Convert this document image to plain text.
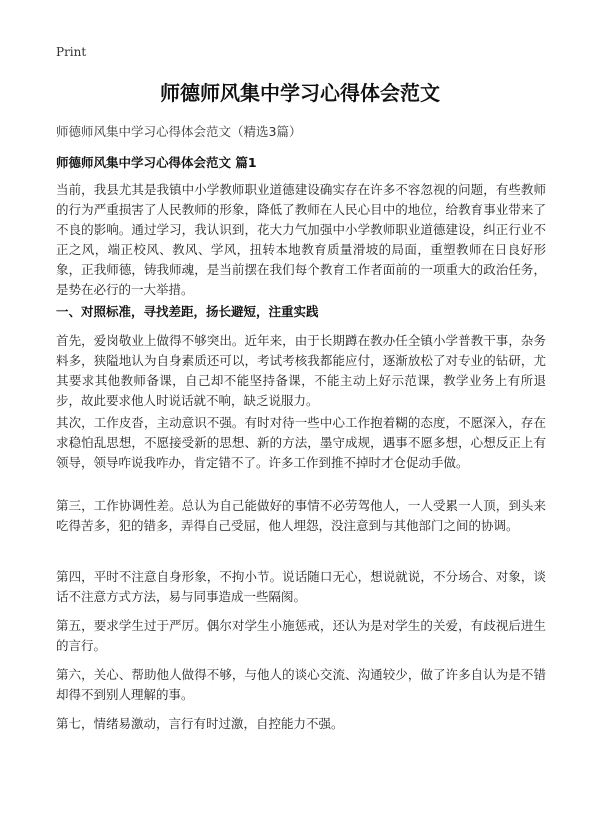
Print
师德师风集中学习心得体会范文
师德师风集中学习心得体会范文（精选3篇）
师德师风集中学习心得体会范文 篇1

当前，我县尤其是我镇中小学教师职业道德建设确实存在许多不容忽视的问题，有些教师的行为严重损害了人民教师的形象，降低了教师在人民心目中的地位，给教育事业带来了不良的影响。通过学习，我认识到，花大力气加强中小学教师职业道德建设，纠正行业不正之风，端正校风、教风、学风，扭转本地教育质量滑坡的局面，重塑教师在日良好形象，正我师德，铸我师魂，是当前摆在我们每个教育工作者面前的一项重大的政治任务，是势在必行的一大举措。

一、对照标准，寻找差距，扬长避短，注重实践

首先，爱岗敬业上做得不够突出。近年来，由于长期蹲在教办任全镇小学普教干事，杂务料多，狭隘地认为自身素质还可以，考试考核我都能应付，逐渐放松了对专业的钻研，尤其要求其他教师备课，自己却不能坚持备课，不能主动上好示范课，教学业务上有所退步，故此要求他人时说话就不响，缺乏说服力。

其次，工作皮沓，主动意识不强。有时对待一些中心工作抱着糊的态度，不愿深入，存在求稳怕乱思想，不愿接受新的思想、新的方法，墨守成规，遇事不愿多想，心想反正上有领导，领导咋说我咋办，肯定错不了。许多工作到推不掉时才仓促动手做。

第三，工作协调性差。总认为自己能做好的事情不必劳驾他人，一人受累一人顶，到头来吃得苦多，犯的错多，弄得自己受屈，他人埋怨，没注意到与其他部门之间的协调。

第四，平时不注意自身形象，不拘小节。说话随口无心，想说就说，不分场合、对象，谈话不注意方式方法，易与同事造成一些隔阂。

第五，要求学生过于严厉。偶尔对学生小施惩戒，还认为是对学生的关爱，有歧视后进生的言行。

第六，关心、帮助他人做得不够，与他人的谈心交流、沟通较少，做了许多自认为是不错却得不到别人理解的事。

第七，情绪易激动，言行有时过激，自控能力不强。
